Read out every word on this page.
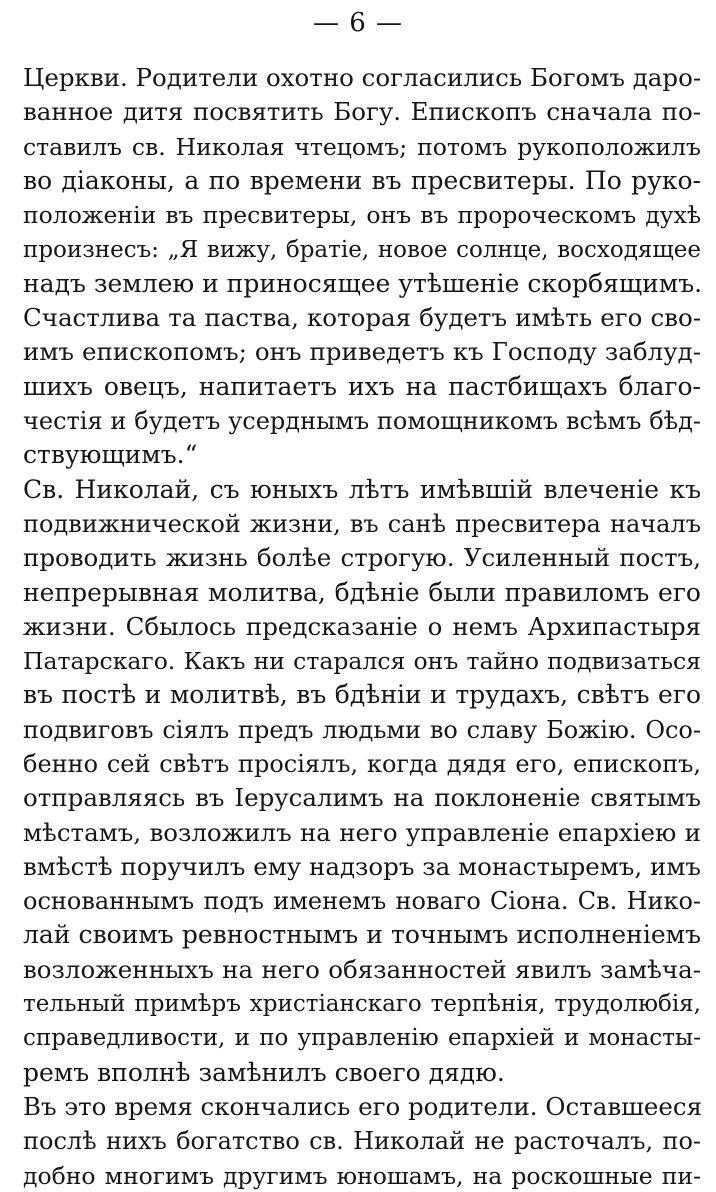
— 6 —
Церкви. Родители охотно согласились Богомъ даро-
ванное дитя посвятить Богу. Епископъ сначала по-
ставилъ св. Николая чтецомъ; потомъ рукоположилъ
во діаконы, а по времени въ пресвитеры. По руко-
положеніи въ пресвитеры, онъ въ пророческомъ духѣ
произнесъ: „Я вижу, братіе, новое солнце, восходящее
надъ землею и приносящее утѣшеніе скорбящимъ.
Счастлива та паства, которая будетъ имѣть его сво-
имъ епископомъ; онъ приведетъ къ Господу заблуд-
шихъ овецъ, напитаетъ ихъ на пастбищахъ благо-
честія и будетъ усерднымъ помощникомъ всѣмъ бѣд-
ствующимъ.“
Св. Николай, съ юныхъ лѣтъ имѣвшій влеченіе къ
подвижнической жизни, въ санѣ пресвитера началъ
проводить жизнь болѣе строгую. Усиленный постъ,
непрерывная молитва, бдѣніе были правиломъ его
жизни. Сбылось предсказаніе о немъ Архипастыря
Патарскаго. Какъ ни старался онъ тайно подвизаться
въ постѣ и молитвѣ, въ бдѣніи и трудахъ, свѣтъ его
подвиговъ сіялъ предъ людьми во славу Божію. Осо-
бенно сей свѣтъ просіялъ, когда дядя его, епископъ,
отправляясь въ Іерусалимъ на поклоненіе святымъ
мѣстамъ, возложилъ на него управленіе епархіею и
вмѣстѣ поручилъ ему надзоръ за монастыремъ, имъ
основаннымъ подъ именемъ новаго Сіона. Св. Нико-
лай своимъ ревностнымъ и точнымъ исполненіемъ
возложенныхъ на него обязанностей явилъ замѣча-
тельный примѣръ христіанскаго терпѣнія, трудолюбія,
справедливости, и по управленію епархіей и монасты-
ремъ вполнѣ замѣнилъ своего дядю.
Въ это время скончались его родители. Оставшееся
послѣ нихъ богатство св. Николай не расточалъ, по-
добно многимъ другимъ юношамъ, на роскошные пи-
